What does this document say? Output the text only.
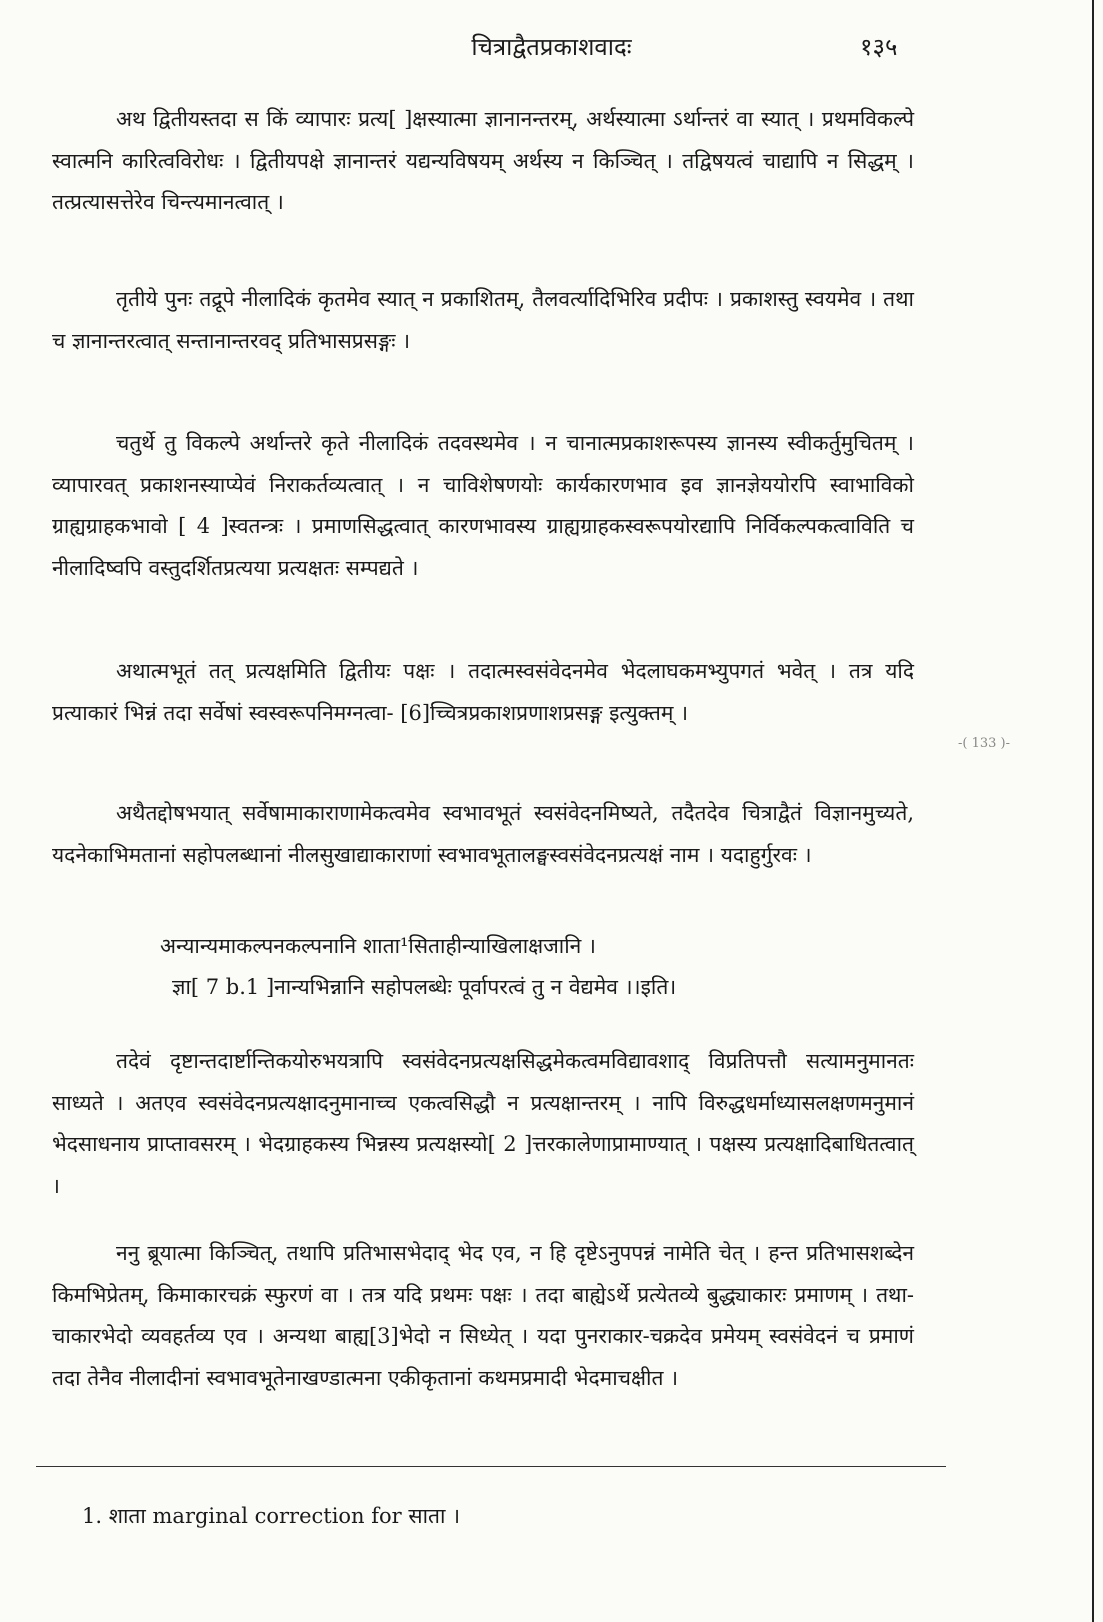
चित्राद्वैतप्रकाशवादः	१३५

अथ द्वितीयस्तदा स किं व्यापारः प्रत्य[ ]क्षस्यात्मा ज्ञानानन्तरम्, अर्थस्यात्मा ऽर्थान्तरं वा स्यात् । प्रथमविकल्पे स्वात्मनि कारित्वविरोधः । द्वितीयपक्षे ज्ञानान्तरं यद्यन्यविषयम् अर्थस्य न किञ्चित् । तद्विषयत्वं चाद्यापि न सिद्धम् । तत्प्रत्यासत्तेरेव चिन्त्यमानत्वात् ।

तृतीये पुनः तद्रूपे नीलादिकं कृतमेव स्यात् न प्रकाशितम्, तैलवर्त्यादिभिरिव प्रदीपः । प्रकाशस्तु स्वयमेव । तथा च ज्ञानान्तरत्वात् सन्तानान्तरवद् प्रतिभासप्रसङ्गः ।

चतुर्थे तु विकल्पे अर्थान्तरे कृते नीलादिकं तदवस्थमेव । न चानात्मप्रकाशरूपस्य ज्ञानस्य स्वीकर्तुमुचितम् । व्यापारवत् प्रकाशनस्याप्येवं निराकर्तव्यत्वात् । न चाविशेषणयोः कार्यकारणभाव इव ज्ञानज्ञेययोरपि स्वाभाविको ग्राह्यग्राहकभावो [ 4 ]स्वतन्त्रः । प्रमाणसिद्धत्वात् कारणभावस्य ग्राह्यग्राहकस्वरूपयोरद्यापि निर्विकल्पकत्वाविति च नीलादिष्वपि वस्तुदर्शितप्रत्यया प्रत्यक्षतः सम्पद्यते ।

अथात्मभूतं तत् प्रत्यक्षमिति द्वितीयः पक्षः । तदात्मस्वसंवेदनमेव भेदलाघकमभ्युपगतं भवेत् । तत्र यदि प्रत्याकारं भिन्नं तदा सर्वेषां स्वस्वरूपनिमग्नत्वा- [6]च्चित्रप्रकाशप्रणाशप्रसङ्ग इत्युक्तम् ।

अथैतद्दोषभयात् सर्वेषामाकाराणामेकत्वमेव स्वभावभूतं स्वसंवेदनमिष्यते, तदैतदेव चित्राद्वैतं विज्ञानमुच्यते, यदनेकाभिमतानां सहोपलब्धानां नीलसुखाद्याकाराणां स्वभावभूतालङ्घस्वसंवेदनप्रत्यक्षं नाम । यदाहुर्गुरवः ।

अन्यान्यमाकल्पनकल्पनानि शाता¹सिताहीन्याखिलाक्षजानि ।
ज्ञा[ 7 b.1 ]नान्यभिन्नानि सहोपलब्धेः पूर्वापरत्वं तु न वेद्यमेव ।।इति।

तदेवं दृष्टान्तदार्ष्टान्तिकयोरुभयत्रापि स्वसंवेदनप्रत्यक्षसिद्धमेकत्वमविद्यावशाद् विप्रतिपत्तौ सत्यामनुमानतः साध्यते । अतएव स्वसंवेदनप्रत्यक्षादनुमानाच्च एकत्वसिद्धौ न प्रत्यक्षान्तरम् । नापि विरुद्धधर्माध्यासलक्षणमनुमानं भेदसाधनाय प्राप्तावसरम् । भेदग्राहकस्य भिन्नस्य प्रत्यक्षस्यो[ 2 ]त्तरकालेणाप्रामाण्यात् । पक्षस्य प्रत्यक्षादिबाधितत्वात् ।

ननु ब्रूयात्मा किञ्चित्, तथापि प्रतिभासभेदाद् भेद एव, न हि दृष्टेऽनुपपन्नं नामेति चेत् । हन्त प्रतिभासशब्देन किमभिप्रेतम्, किमाकारचक्रं स्फुरणं वा । तत्र यदि प्रथमः पक्षः । तदा बाह्येऽर्थे प्रत्येतव्ये बुद्ध्याकारः प्रमाणम् । तथा-चाकारभेदो व्यवहर्तव्य एव । अन्यथा बाह्य[3]भेदो न सिध्येत् । यदा पुनराकार-चक्रदेव प्रमेयम् स्वसंवेदनं च प्रमाणं तदा तेनैव नीलादीनां स्वभावभूतेनाखण्डात्मना एकीकृतानां कथमप्रमादी भेदमाचक्षीत ।

-( 133 )-
1. शाता marginal correction for साता ।
